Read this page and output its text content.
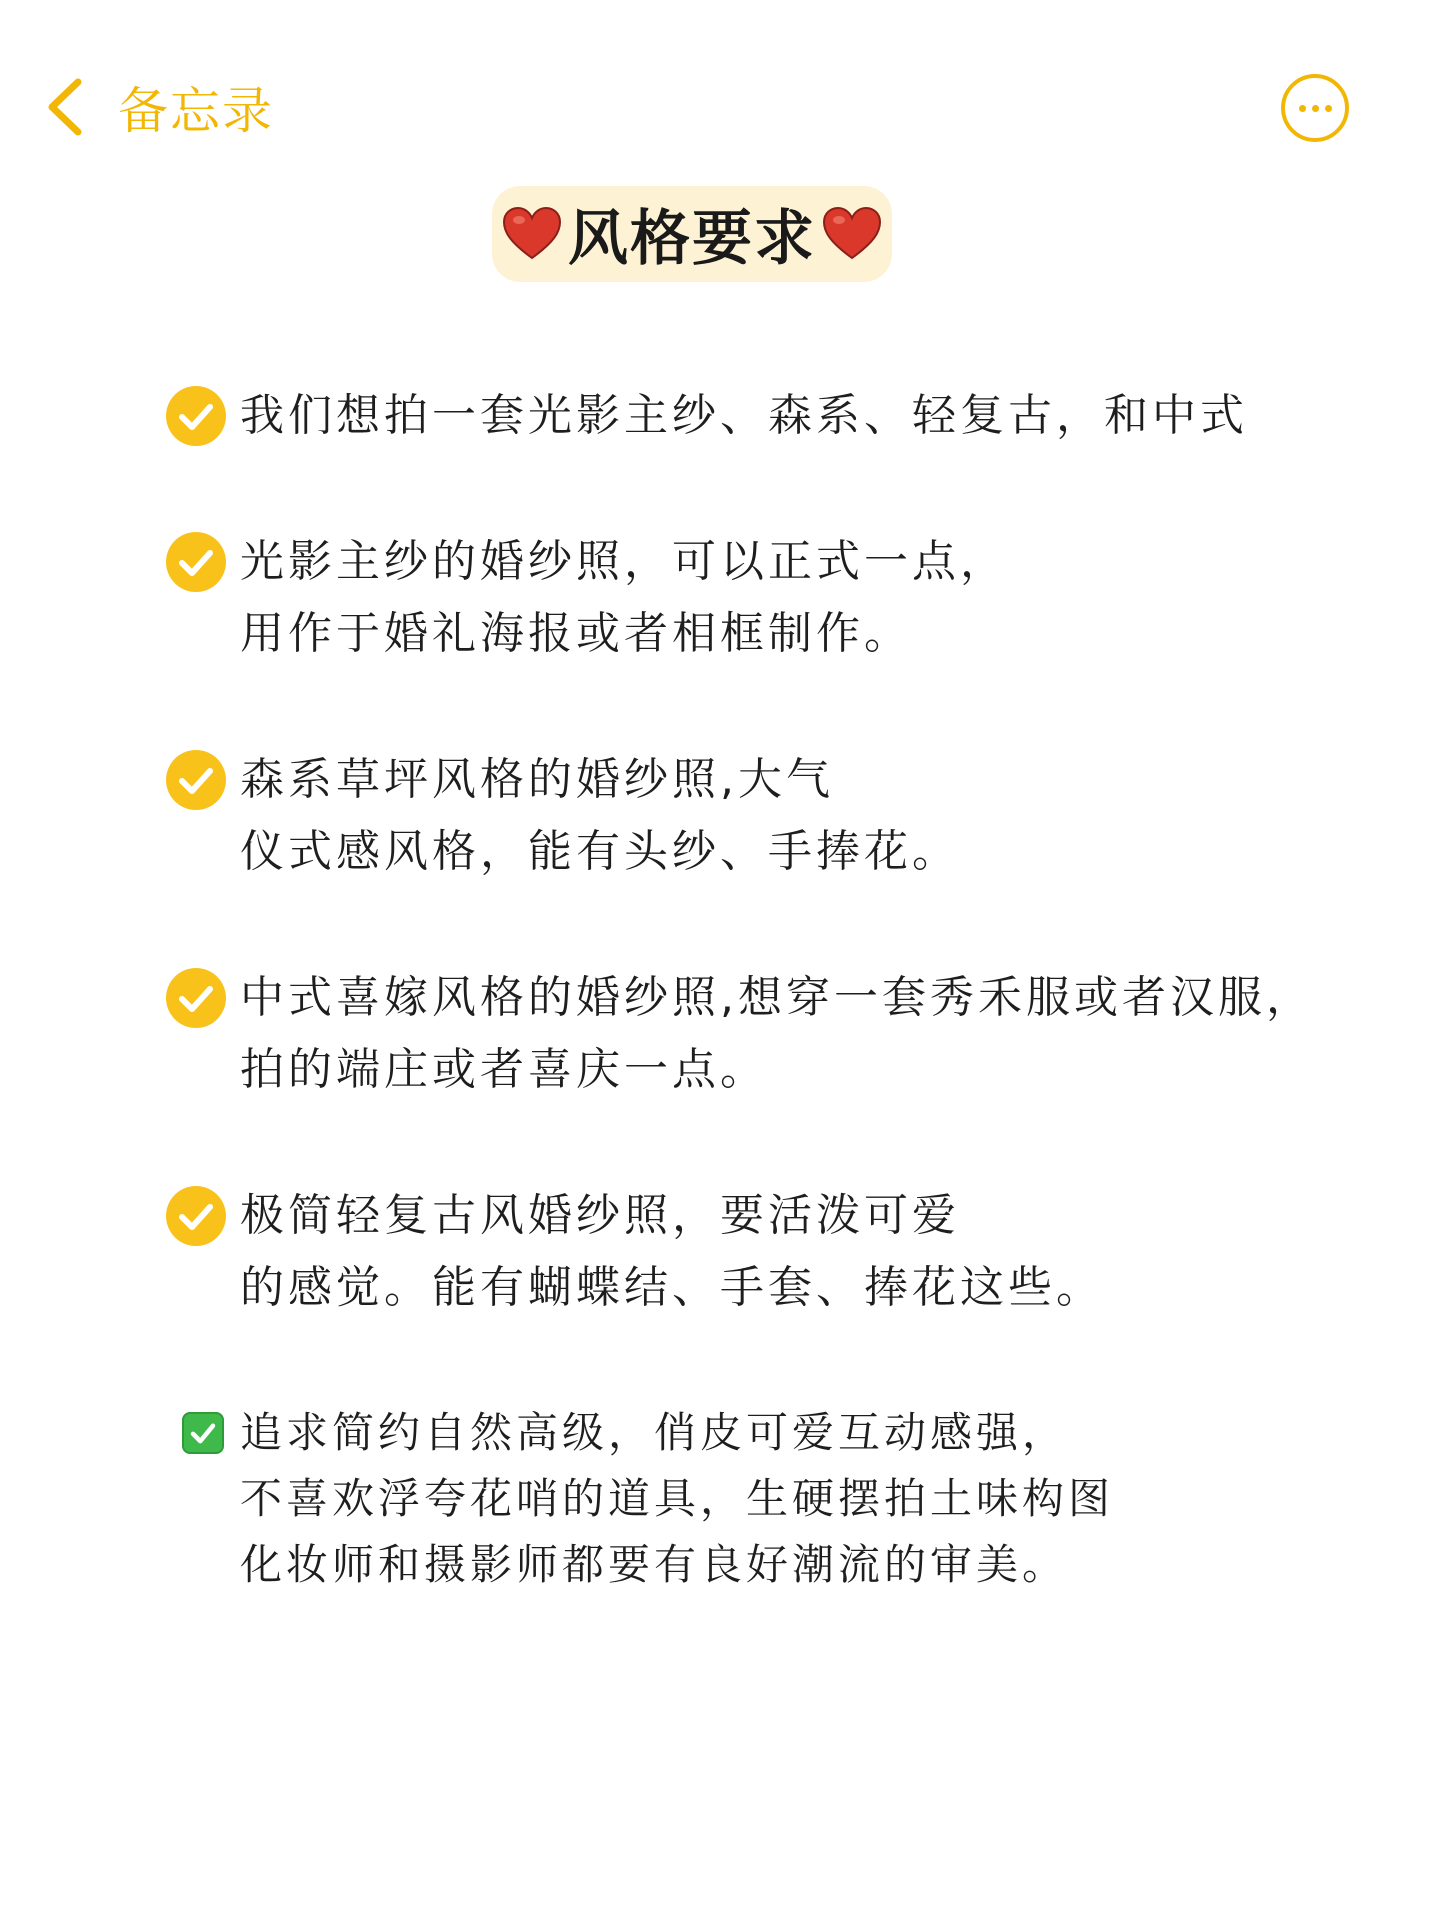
备忘录
风格要求
我们想拍一套光影主纱、森系、轻复古，和中式
光影主纱的婚纱照，可以正式一点，
用作于婚礼海报或者相框制作。
森系草坪风格的婚纱照,大气
仪式感风格，能有头纱、手捧花。
中式喜嫁风格的婚纱照,想穿一套秀禾服或者汉服，
拍的端庄或者喜庆一点。
极简轻复古风婚纱照，要活泼可爱
的感觉。能有蝴蝶结、手套、捧花这些。
追求简约自然高级，俏皮可爱互动感强，
不喜欢浮夸花哨的道具，生硬摆拍土味构图
化妆师和摄影师都要有良好潮流的审美。
